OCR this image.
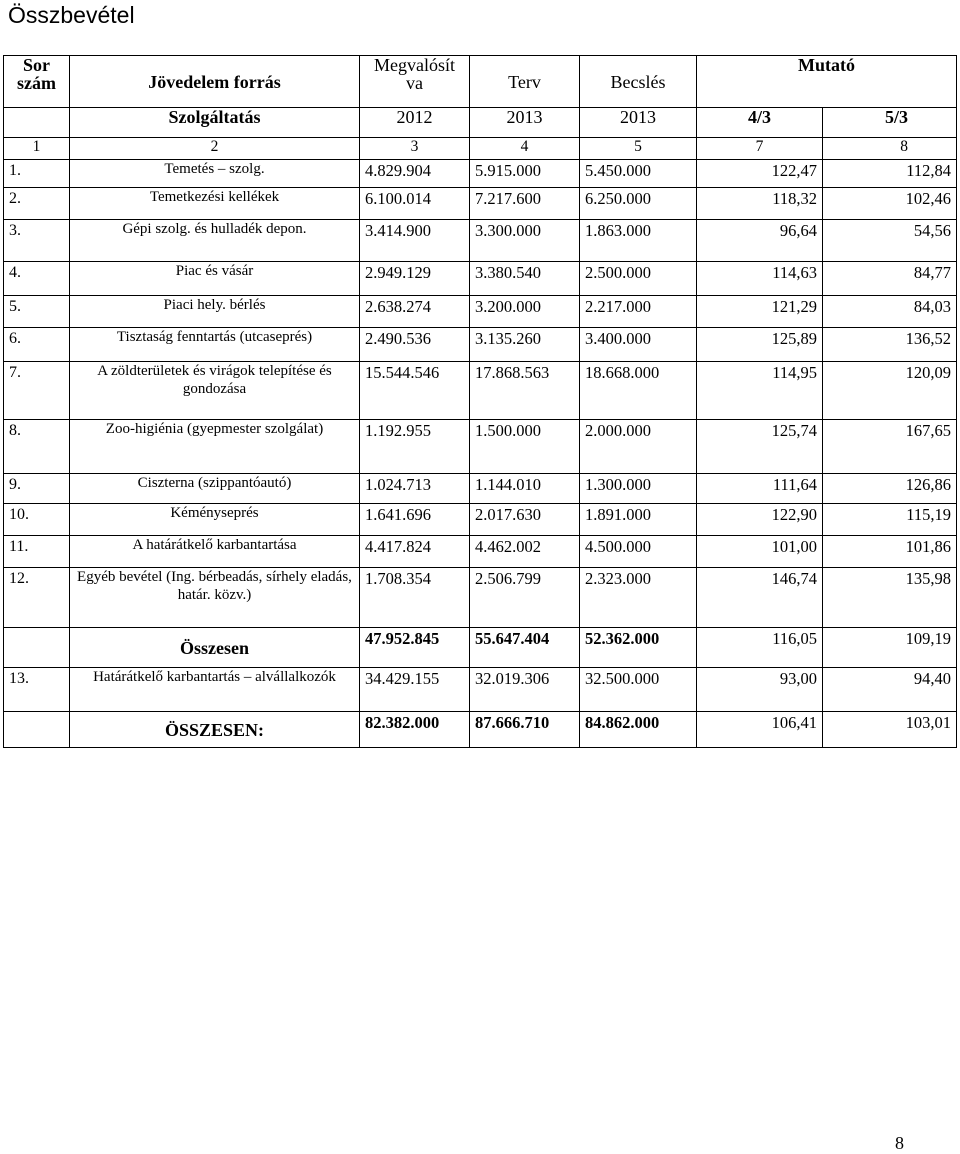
Összbevétel
Sor szám	Jövedelem forrás	Megvalósít va	Terv	Becslés	Mutató	
	Szolgáltatás	2012	2013	2013	4/3	5/3
1	2	3	4	5	7	8
1.	Temetés – szolg.	4.829.904	5.915.000	5.450.000	122,47	112,84
2.	Temetkezési kellékek	6.100.014	7.217.600	6.250.000	118,32	102,46
3.	Gépi szolg. és hulladék depon.	3.414.900	3.300.000	1.863.000	96,64	54,56
4.	Piac és vásár	2.949.129	3.380.540	2.500.000	114,63	84,77
5.	Piaci hely. bérlés	2.638.274	3.200.000	2.217.000	121,29	84,03
6.	Tisztaság fenntartás (utcaseprés)	2.490.536	3.135.260	3.400.000	125,89	136,52
7.	A zöldterületek és virágok telepítése és gondozása	15.544.546	17.868.563	18.668.000	114,95	120,09
8.	Zoo-higiénia (gyepmester szolgálat)	1.192.955	1.500.000	2.000.000	125,74	167,65
9.	Ciszterna (szippantóautó)	1.024.713	1.144.010	1.300.000	111,64	126,86
10.	Kéményseprés	1.641.696	2.017.630	1.891.000	122,90	115,19
11.	A határátkelő karbantartása	4.417.824	4.462.002	4.500.000	101,00	101,86
12.	Egyéb bevétel (Ing. bérbeadás, sírhely eladás, határ. közv.)	1.708.354	2.506.799	2.323.000	146,74	135,98
	Összesen	47.952.845	55.647.404	52.362.000	116,05	109,19
13.	Határátkelő karbantartás – alvállalkozók	34.429.155	32.019.306	32.500.000	93,00	94,40
	ÖSSZESEN:	82.382.000	87.666.710	84.862.000	106,41	103,01
8
